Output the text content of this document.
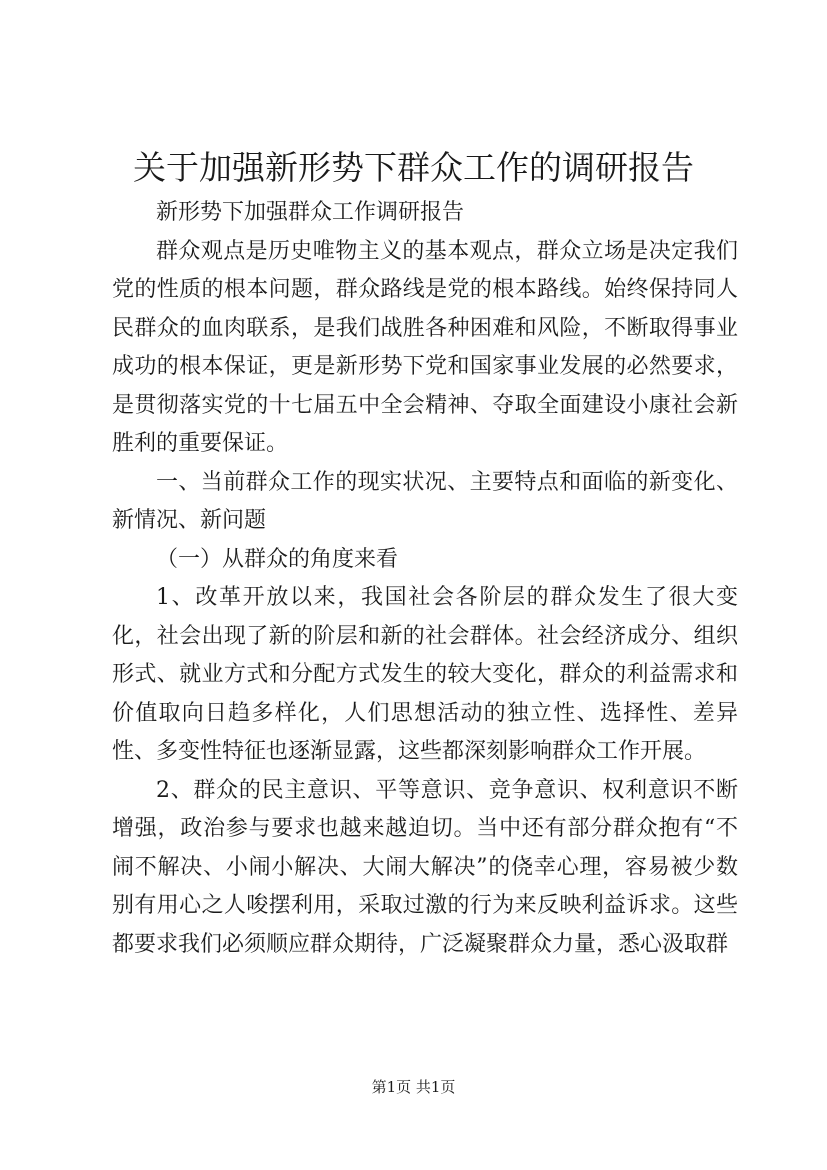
关于加强新形势下群众工作的调研报告

新形势下加强群众工作调研报告

群众观点是历史唯物主义的基本观点，群众立场是决定我们党的性质的根本问题，群众路线是党的根本路线。始终保持同人民群众的血肉联系，是我们战胜各种困难和风险，不断取得事业成功的根本保证，更是新形势下党和国家事业发展的必然要求，是贯彻落实党的十七届五中全会精神、夺取全面建设小康社会新胜利的重要保证。

一、当前群众工作的现实状况、主要特点和面临的新变化、新情况、新问题

（一）从群众的角度来看

1、改革开放以来，我国社会各阶层的群众发生了很大变化，社会出现了新的阶层和新的社会群体。社会经济成分、组织形式、就业方式和分配方式发生的较大变化，群众的利益需求和价值取向日趋多样化，人们思想活动的独立性、选择性、差异性、多变性特征也逐渐显露，这些都深刻影响群众工作开展。

2、群众的民主意识、平等意识、竞争意识、权利意识不断增强，政治参与要求也越来越迫切。当中还有部分群众抱有“不闹不解决、小闹小解决、大闹大解决”的侥幸心理，容易被少数别有用心之人唆摆利用，采取过激的行为来反映利益诉求。这些都要求我们必须顺应群众期待，广泛凝聚群众力量，悉心汲取群

第1页 共1页
